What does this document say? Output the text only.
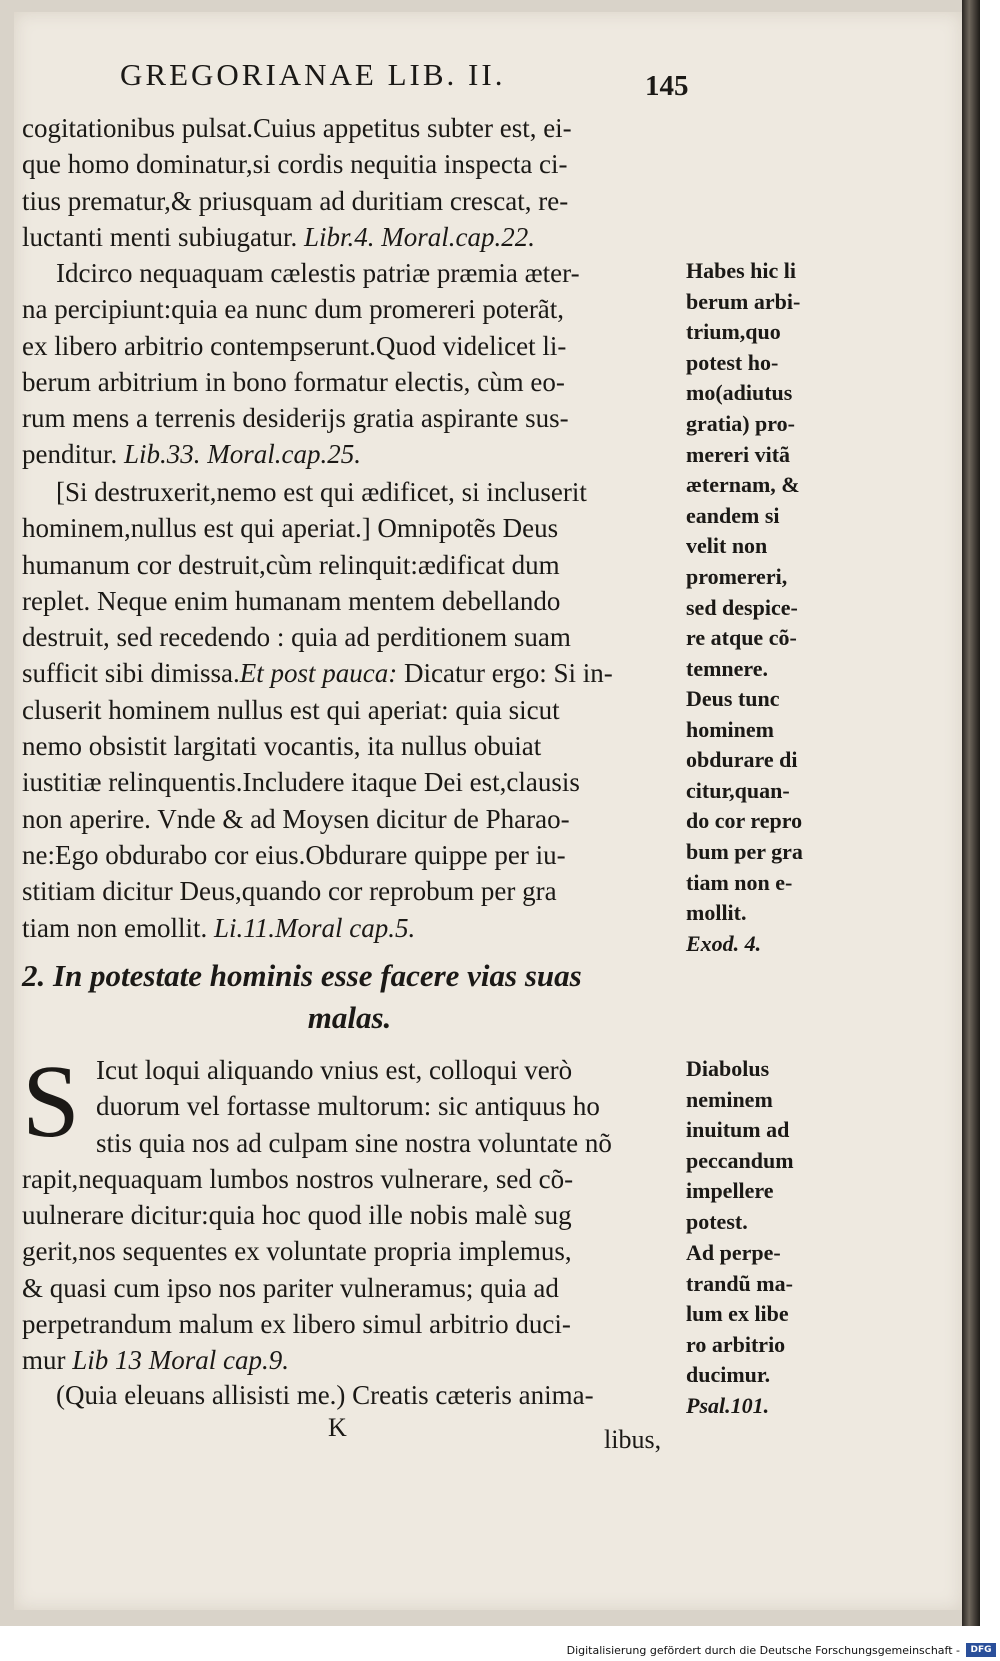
GREGORIANAE LIB. II.	145

cogitationibus pulsat.Cuius appetitus subter est, ei-
que homo dominatur,si cordis nequitia inspecta ci-
tius prematur,& priusquam ad duritiam crescat, re-
luctanti menti subiugatur. Libr.4. Moral.cap.22.

Idcirco nequaquam cælestis patriæ præmia æter-
na percipiunt:quia ea nunc dum promereri poterãt,
ex libero arbitrio contempserunt.Quod videlicet li-
berum arbitrium in bono formatur electis, cùm eo-
rum mens a terrenis desiderijs gratia aspirante sus-
penditur. Lib.33. Moral.cap.25.

[Si destruxerit,nemo est qui ædificet, si incluserit
hominem,nullus est qui aperiat.] Omnipotẽs Deus
humanum cor destruit,cùm relinquit:ædificat dum
replet. Neque enim humanam mentem debellando
destruit, sed recedendo : quia ad perditionem suam
sufficit sibi dimissa.Et post pauca: Dicatur ergo: Si in-
cluserit hominem nullus est qui aperiat: quia sicut
nemo obsistit largitati vocantis, ita nullus obuiat
iustitiæ relinquentis.Includere itaque Dei est,clausis
non aperire. Vnde & ad Moysen dicitur de Pharao-
ne:Ego obdurabo cor eius.Obdurare quippe per iu-
stitiam dicitur Deus,quando cor reprobum per gra
tiam non emollit. Li.11.Moral cap.5.

2. In potestate hominis esse facere vias suas
malas.
S Icut loqui aliquando vnius est, colloqui verò
duorum vel fortasse multorum: sic antiquus ho
stis quia nos ad culpam sine nostra voluntate nõ
rapit,nequaquam lumbos nostros vulnerare, sed cõ-
uulnerare dicitur:quia hoc quod ille nobis malè sug
gerit,nos sequentes ex voluntate propria implemus,
& quasi cum ipso nos pariter vulneramus; quia ad
perpetrandum malum ex libero simul arbitrio duci-
mur Lib 13 Moral cap.9.

(Quia eleuans allisisti me.) Creatis cæteris anima-

K	libus,
Habes hic li
berum arbi-
trium,quo
potest ho-
mo(adiutus
gratia) pro-
mereri vitã
æternam, &
eandem si
velit non
promereri,
sed despice-
re atque cõ-
temnere.
Deus tunc
hominem
obdurare di
citur,quan-
do cor repro
bum per gra
tiam non e-
mollit.
Exod. 4.
Diabolus
neminem
inuitum ad
peccandum
impellere
potest.
Ad perpe-
trandũ ma-
lum ex libe
ro arbitrio
ducimur.
Psal.101.
Digitalisierung gefördert durch die Deutsche Forschungsgemeinschaft -	DFG
